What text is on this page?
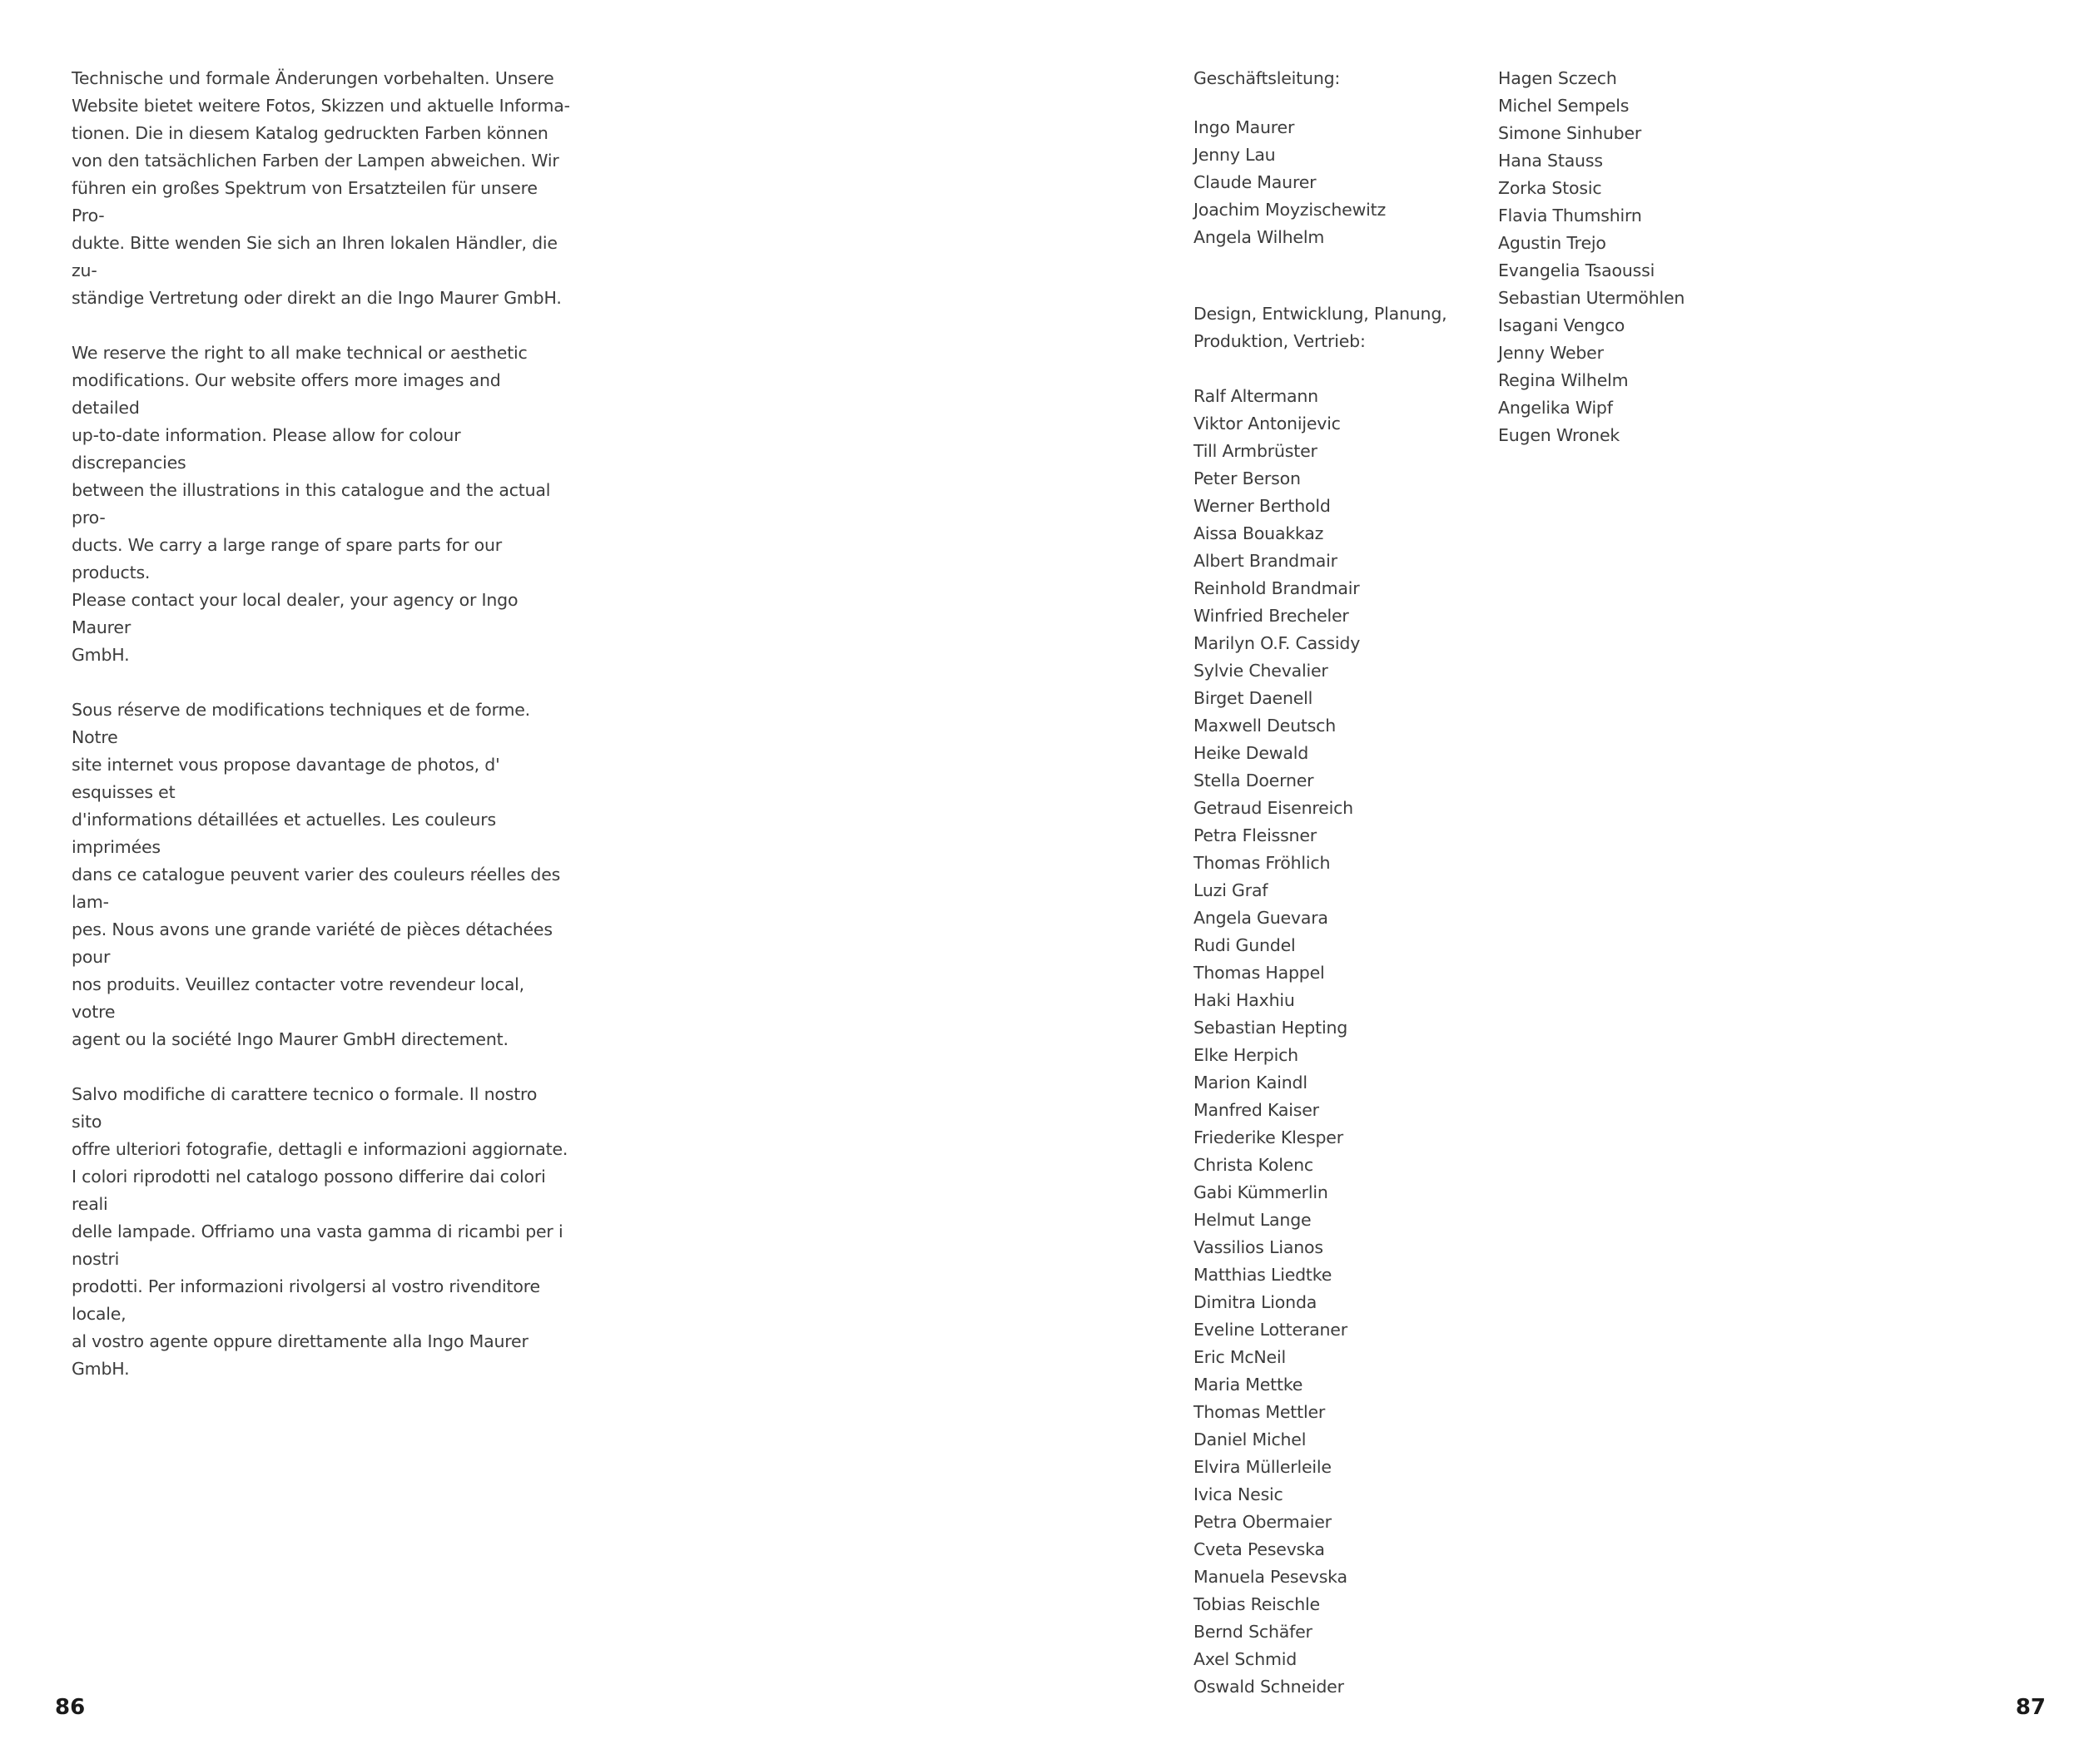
Technische und formale Änderungen vorbehalten. Unsere
Website bietet weitere Fotos, Skizzen und aktuelle Informa-
tionen. Die in diesem Katalog gedruckten Farben können
von den tatsächlichen Farben der Lampen abweichen. Wir
führen ein großes Spektrum von Ersatzteilen für unsere Pro-
dukte. Bitte wenden Sie sich an Ihren lokalen Händler, die zu-
ständige Vertretung oder direkt an die Ingo Maurer GmbH.

We reserve the right to all make technical or aesthetic
modifications. Our website offers more images and detailed
up-to-date information. Please allow for colour discrepancies
between the illustrations in this catalogue and the actual pro-
ducts. We carry a large range of spare parts for our products.
Please contact your local dealer, your agency or Ingo Maurer
GmbH.

Sous réserve de modifications techniques et de forme. Notre
site internet vous propose davantage de photos, d' esquisses et
d'informations détaillées et actuelles. Les couleurs imprimées
dans ce catalogue peuvent varier des couleurs réelles des lam-
pes. Nous avons une grande variété de pièces détachées pour
nos produits. Veuillez contacter votre revendeur local, votre
agent ou la société Ingo Maurer GmbH directement.

Salvo modifiche di carattere tecnico o formale. Il nostro sito
offre ulteriori fotografie, dettagli e informazioni aggiornate.
I colori riprodotti nel catalogo possono differire dai colori reali
delle lampade. Offriamo una vasta gamma di ricambi per i nostri
prodotti. Per informazioni rivolgersi al vostro rivenditore locale,
al vostro agente oppure direttamente alla Ingo Maurer GmbH.

86

Geschäftsleitung:

Ingo Maurer
Jenny Lau
Claude Maurer
Joachim Moyzischewitz
Angela Wilhelm

Design, Entwicklung, Planung,
Produktion, Vertrieb:

Ralf Altermann
Viktor Antonijevic
Till Armbrüster
Peter Berson
Werner Berthold
Aissa Bouakkaz
Albert Brandmair
Reinhold Brandmair
Winfried Brecheler
Marilyn O.F. Cassidy
Sylvie Chevalier
Birget Daenell
Maxwell Deutsch
Heike Dewald
Stella Doerner
Getraud Eisenreich
Petra Fleissner
Thomas Fröhlich
Luzi Graf
Angela Guevara
Rudi Gundel
Thomas Happel
Haki Haxhiu
Sebastian Hepting
Elke Herpich
Marion Kaindl
Manfred Kaiser
Friederike Klesper
Christa Kolenc
Gabi Kümmerlin
Helmut Lange
Vassilios Lianos
Matthias Liedtke
Dimitra Lionda
Eveline Lotteraner
Eric McNeil
Maria Mettke
Thomas Mettler
Daniel Michel
Elvira Müllerleile
Ivica Nesic
Petra Obermaier
Cveta Pesevska
Manuela Pesevska
Tobias Reischle
Bernd Schäfer
Axel Schmid
Oswald Schneider
Hagen Sczech
Michel Sempels
Simone Sinhuber
Hana Stauss
Zorka Stosic
Flavia Thumshirn
Agustin Trejo
Evangelia Tsaoussi
Sebastian Utermöhlen
Isagani Vengco
Jenny Weber
Regina Wilhelm
Angelika Wipf
Eugen Wronek
87
